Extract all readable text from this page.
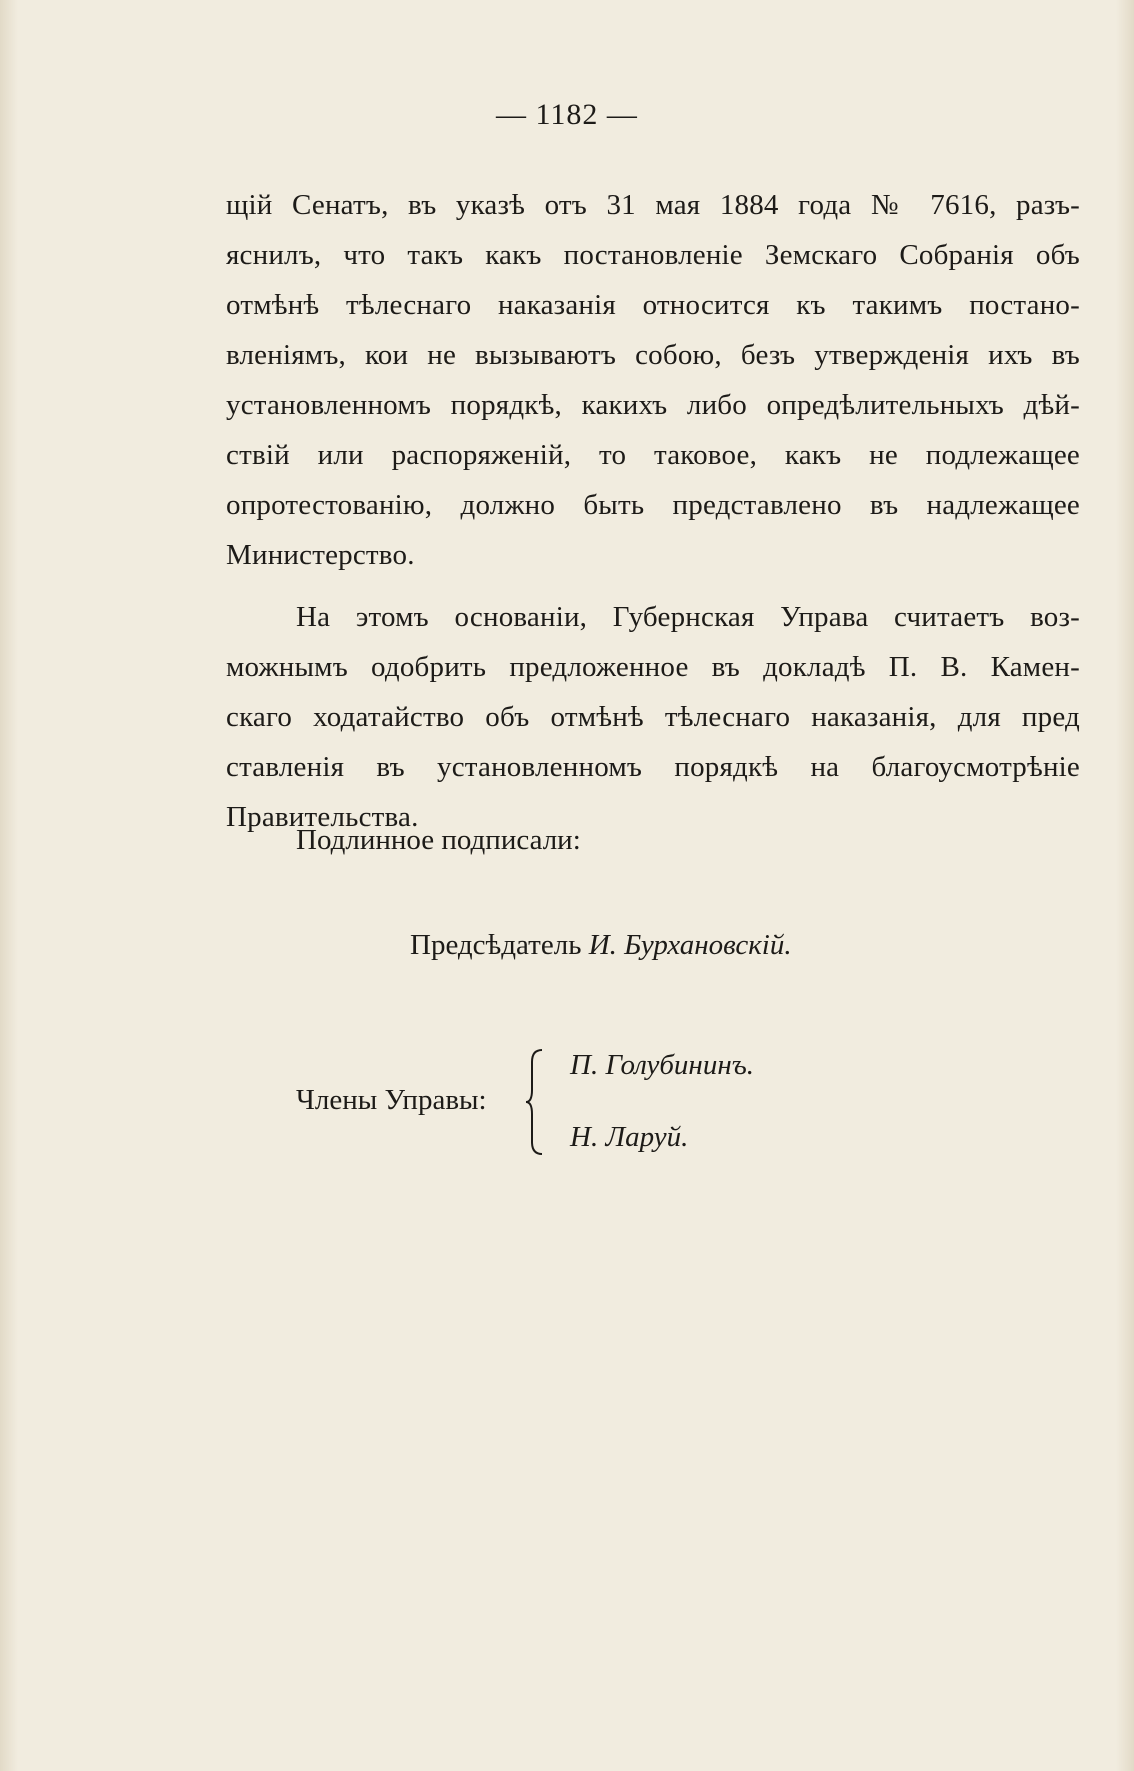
— 1182 —
щій Сенатъ, въ указѣ отъ 31 мая 1884 года № 7616, разъ-
яснилъ, что такъ какъ постановленіе Земскаго Собранія объ
отмѣнѣ тѣлеснаго наказанія относится къ такимъ постано-
вленіямъ, кои не вызываютъ собою, безъ утвержденія ихъ въ
установленномъ порядкѣ, какихъ либо опредѣлительныхъ дѣй-
ствій или распоряженій, то таковое, какъ не подлежащее
опротестованію, должно быть представлено въ надлежащее
Министерство.
На этомъ основаніи, Губернская Управа считаетъ воз-
можнымъ одобрить предложенное въ докладѣ П. В. Камен-
скаго ходатайство объ отмѣнѣ тѣлеснаго наказанія, для пред
ставленія въ установленномъ порядкѣ на благоусмотрѣніе
Правительства.
Подлинное подписали:
Предсѣдатель И. Бурхановскій.
Члены Управы:
П. Голубининъ.
Н. Ларуй.
